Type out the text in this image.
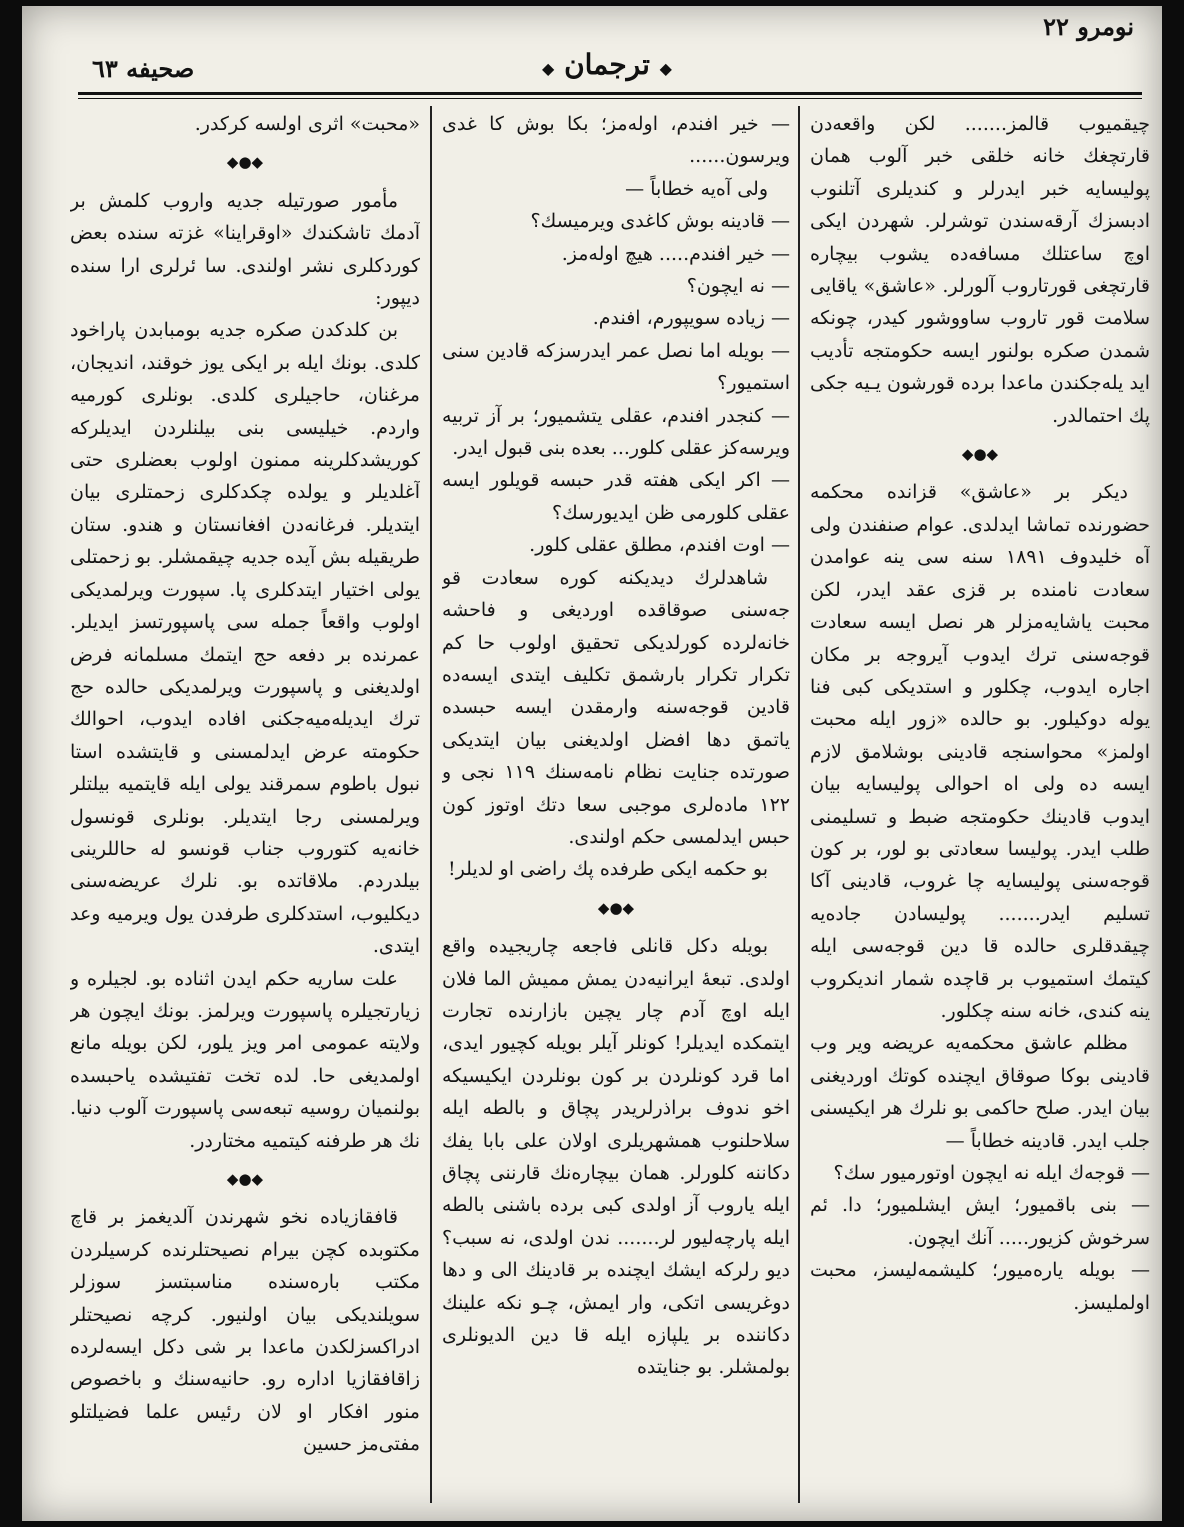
صحیفه ٦٣	◆ ترجمان ◆
نومرو ٢٢

چیقمیوب قالمز....... لکن واقعه‌دن قارتچغك خانه خلقی خبر آلوب همان پولیسایه خبر ایدرلر و کندیلری آتلنوب ادبسزك آرقه‌سندن توشرلر. شهردن ایکی اوچ ساعتلك مسافه‌ده یشوب بیچاره قارتچغی قورتاروب آلورلر. «عاشق» یاقایی سلامت قور تاروب ساووشور کیدر، چونکه شمدن صکره بولنور ایسه حکومتجه تأدیب اید یله‌جکندن ماعدا برده قورشون یـیه جکی پك احتمالدر.

◆●◆

دیکر بر «عاشق» قزانده محکمه حضورنده تماشا ایدلدی. عوام صنفندن ولی آه خلیدوف ١٨٩١ سنه سی ینه عوامدن سعادت نامنده بر قزی عقد ایدر، لکن محبت یاشایه‌مزلر هر نصل ایسه سعادت قوجه‌سنی ترك ایدوب آیروجه بر مکان اجاره ایدوب، چکلور و استدیکی کبی فنا یوله دوکیلور. بو حالده «زور ایله محبت اولمز» محواسنجه قادینی بوشلامق لازم ایسه ده ولی اه احوالی پولیسایه بیان ایدوب قادینك حکومتجه ضبط و تسلیمنی طلب ایدر. پولیسا سعادتی بو لور، بر کون قوجه‌سنی پولیسایه چا غروب، قادینی آکا تسلیم ایدر....... پولیسادن جاده‌یه چیقدقلری حالده قا دین قوجه‌سی ایله کیتمك استمیوب بر قاچده شمار اندیکروب ینه کندی، خانه سنه چکلور.

مظلم عاشق محکمه‌یه عریضه ویر وب قادینی بوکا صوقاق ایچنده کوتك اوردیغنی بیان ایدر. صلح حاکمی بو نلرك هر ایکیسنی جلب ایدر. قادینه خطاباً —

— قوجه‌ك ایله نه ایچون اوتورمیور سك؟

— بنی باقمیور؛ ایش ایشلمیور؛ دا. ئم سرخوش کزیور..... آنك ایچون.

— بویله یاره‌میور؛ کلیشمه‌لیسز، محبت اولملیسز.

— خیر افندم، اوله‌مز؛ بکا بوش کا غدی ویرسون......

ولی آه‌یه خطاباً —

— قادینه بوش کاغدی ویرمیسك؟

— خیر افندم..... هیچ اوله‌مز.

— نه ایچون؟

— زیاده سویپورم، افندم.

— بویله اما نصل عمر ایدرسزکه قادین سنی استمیور؟

— کنجدر افندم، عقلی یتشمیور؛ بر آز تربیه ویرسه‌کز عقلی کلور... بعده بنی قبول ایدر.

— اکر ایکی هفته قدر حبسه قویلور ایسه عقلی کلورمی ظن ایدیورسك؟

— اوت افندم، مطلق عقلی کلور.

شاهدلرك دیدیکنه کوره سعادت قو جه‌سنی صوقاقده اوردیغی و فاحشه خانه‌لرده کورلدیکی تحقیق اولوب حا کم تکرار تکرار بارشمق تکلیف ایتدی ایسه‌ده قادین قوجه‌سنه وارمقدن ایسه حبسده یاتمق دها افضل اولدیغنی بیان ایتدیکی صورتده جنایت نظام نامه‌سنك ١١٩ نجی و ١٢٢ ماده‌لری موجبی سعا دتك اوتوز کون حبس ایدلمسی حکم اولندی.

بو حکمه ایکی طرفده پك راضی او لدیلر!

◆●◆

بویله دکل قانلی فاجعه چاریجیده واقع اولدی. تبعهٔ ایرانیه‌دن یمش ممیش الما فلان ایله اوچ آدم چار یچین بازارنده تجارت ایتمکده ایدیلر! کونلر آیلر بویله کچیور ایدی، اما قرد کونلردن بر کون بونلردن ایکیسیکه اخو ندوف براذرلریدر پچاق و بالطه ایله سلاحلنوب همشهریلری اولان علی بابا یفك دکاننه کلورلر. همان بیچاره‌نك قارننی پچاق ایله یاروب آز اولدی کبی برده باشنی بالطه ایله پارچه‌لیور لر....... ندن اولدی، نه سبب؟ دیو رلرکه ایشك ایچنده بر قادینك الی و دها دوغریسی اتکی، وار ایمش، چـو نکه علینك دکاننده بر یلپازه ایله قا دین الدیونلری بولمشلر. بو جنایتده

«محبت» اثری اولسه کرکدر.

◆●◆

مأمور صورتیله جدیه واروب کلمش بر آدمك تاشکندك «اوقراینا» غزته سنده بعض کوردکلری نشر اولندی. سا ئرلری ارا سنده دیپور:

بن کلدکدن صکره جدیه بومبابدن پاراخود کلدی. بونك ایله بر ایکی یوز خوقند، اندیجان، مرغنان، حاجیلری کلدی. بونلری کورمیه واردم. خیلیسی بنی بیلنلردن ایدیلرکه کوریشدکلرینه ممنون اولوب بعضلری حتی آغلدیلر و یولده چکدکلری زحمتلری بیان ایتدیلر. فرغانه‌دن افغانستان و هندو. ستان طریقیله بش آیده جدیه چیقمشلر. بو زحمتلی یولی اختیار ایتدکلری پا. سپورت ویرلمدیکی اولوب واقعاً جمله سی پاسپورتسز ایدیلر. عمرنده بر دفعه حج ایتمك مسلمانه فرض اولدیغنی و پاسپورت ویرلمدیکی حالده حج ترك ایدیله‌میه‌جکنی افاده ایدوب، احوالك حکومته عرض ایدلمسنی و قایتشده استا نبول باطوم سمرقند یولی ایله قایتمیه بیلتلر ویرلمسنی رجا ایتدیلر. بونلری قونسول خانه‌یه کتوروب جناب قونسو له حاللرینی بیلدردم. ملاقاتده بو. نلرك عریضه‌سنی دیکلیوب، استدکلری طرفدن یول ویرمیه وعد ایتدی.

علت ساریه حکم ایدن اثناده بو. لجیلره و زیارتجیلره پاسپورت ویرلمز. بونك ایچون هر ولایته عمومی امر ویز یلور، لکن بویله مانع اولمدیغی حا. لده تخت تفتیشده یاحبسده بولنمیان روسیه تبعه‌سی پاسپورت آلوب دنیا. نك هر طرفنه کیتمیه مختاردر.

◆●◆

قافقازیاده نخو شهرندن آلدیغمز بر قاچ مکتوبده کچن بیرام نصیحتلرنده کرسیلردن مکتب باره‌سنده مناسبتسز سوزلر سویلندیکی بیان اولنیور. کرچه نصیحتلر ادراکسزلکدن ماعدا بر شی دکل ایسه‌لرده زاقافقازیا اداره رو. حانیه‌سنك و باخصوص منور افکار او لان رئیس علما فضیلتلو مفتی‌مز حسین
